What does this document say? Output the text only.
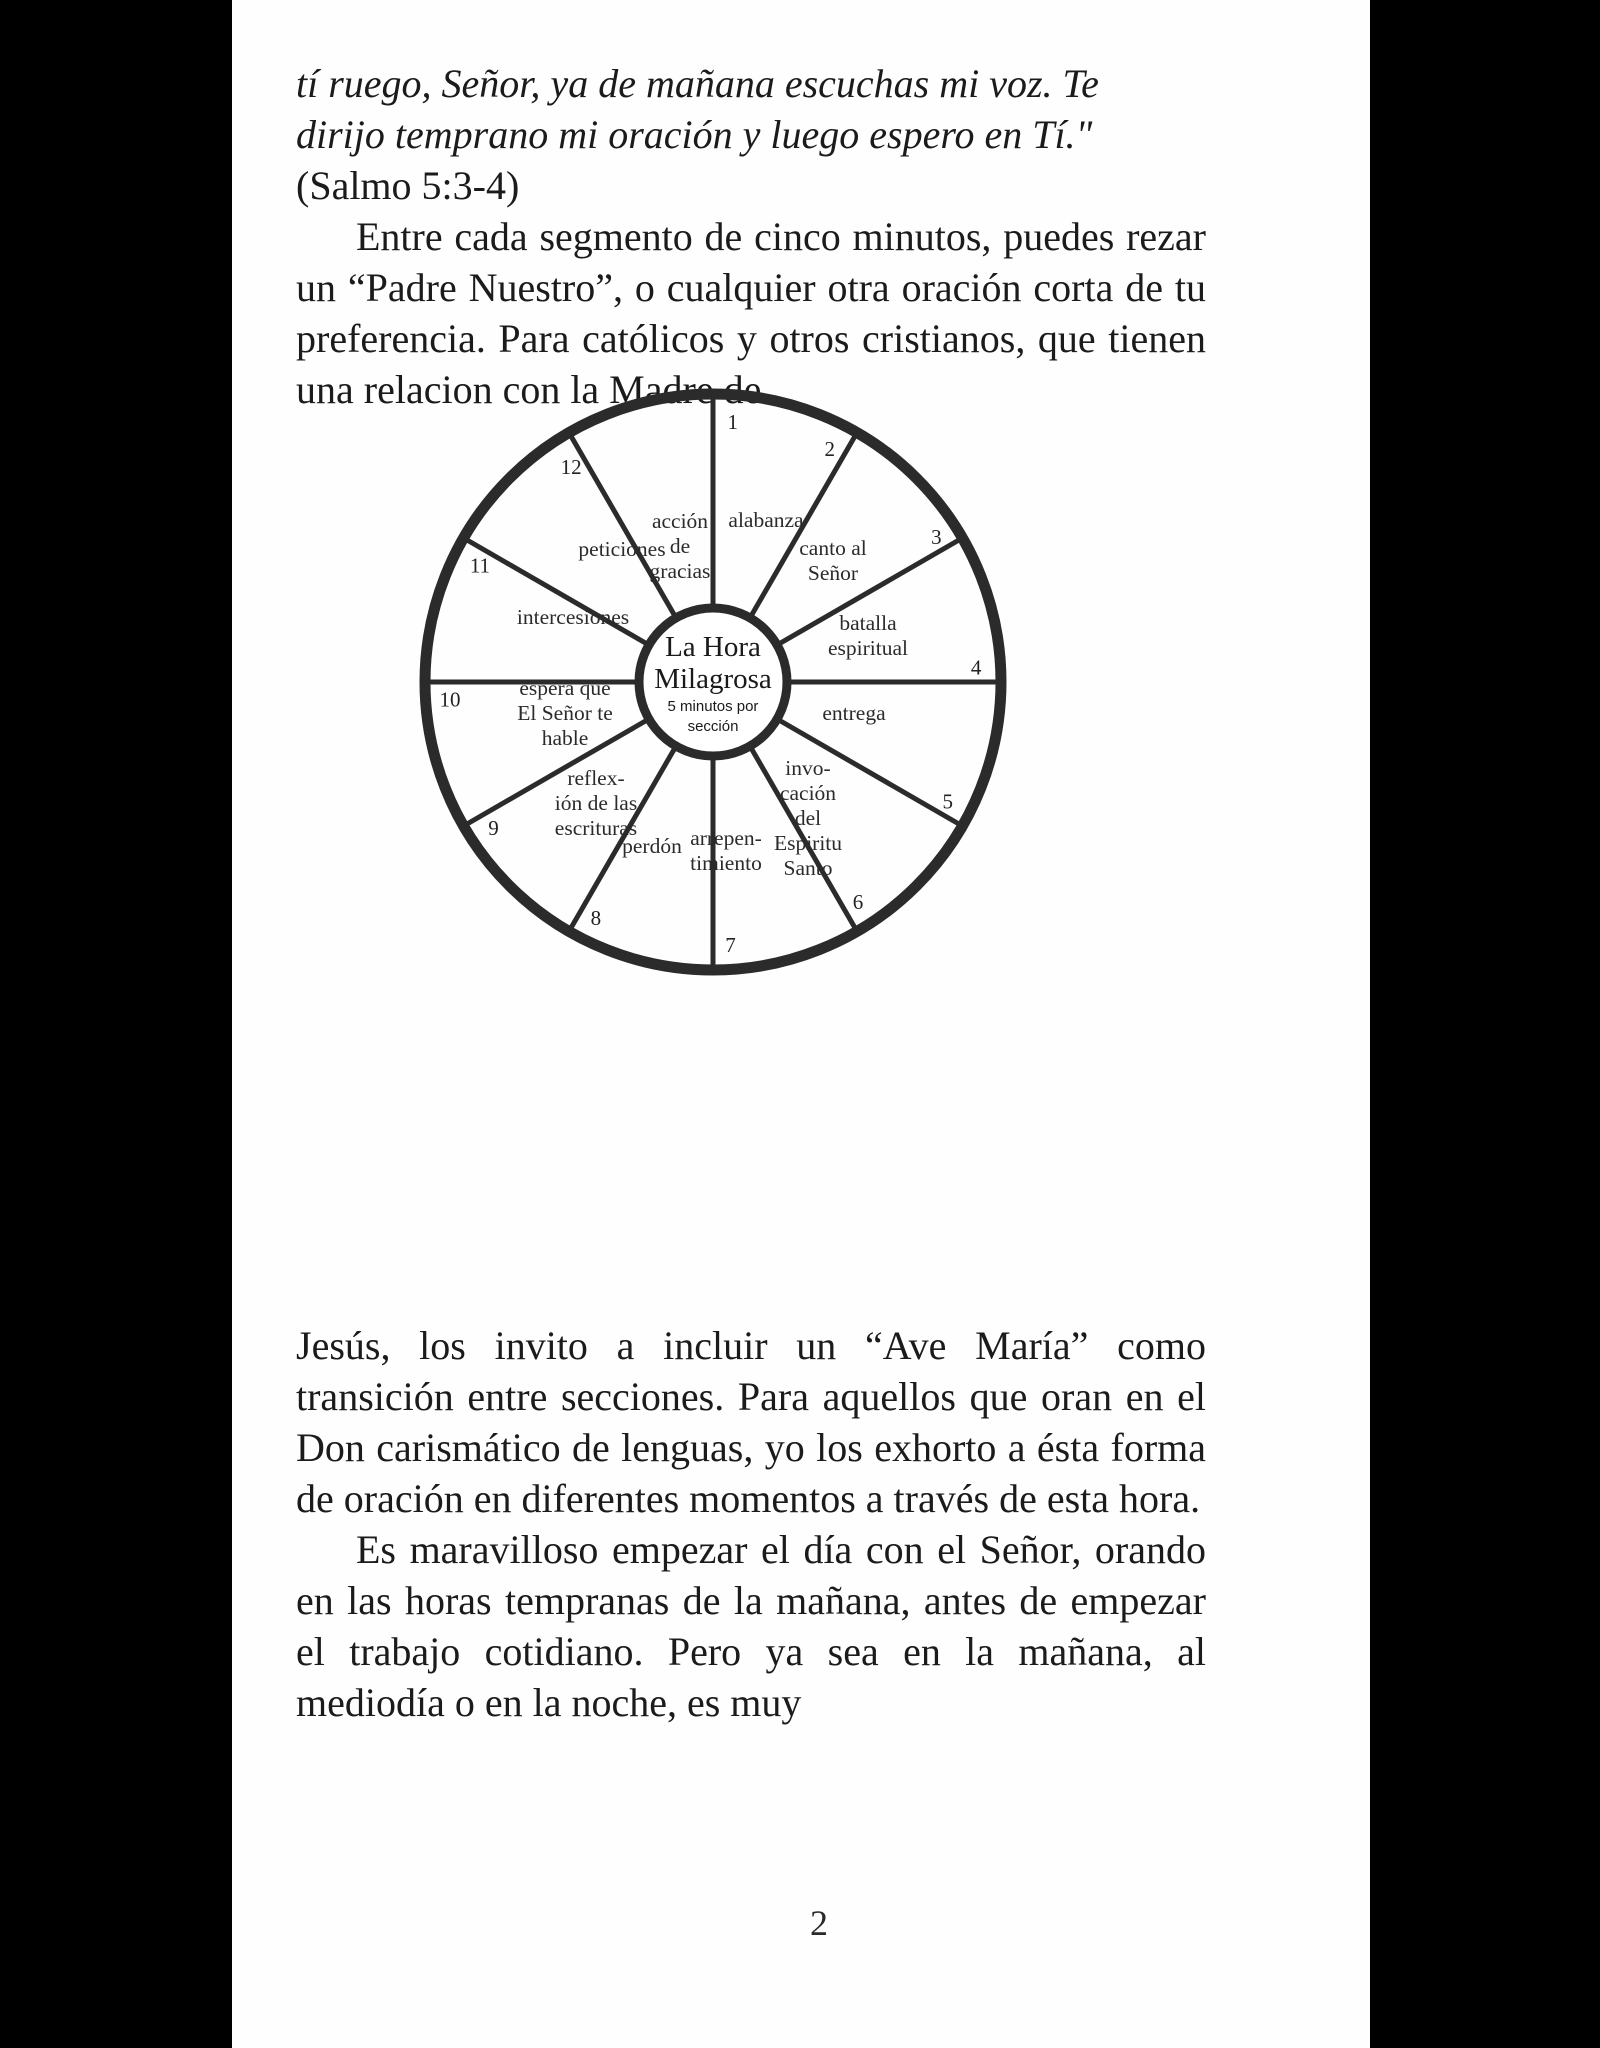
tí ruego, Señor, ya de mañana escuchas mi voz. Te
dirijo temprano mi oración y luego espero en Tí."

(Salmo 5:3-4)

Entre cada segmento de cinco minutos, puedes rezar un “Padre Nuestro”, o cualquier otra oración corta de tu preferencia. Para católicos y otros cristianos, que tienen una relacion con la Madre de

La Hora
Milagrosa
5 minutos por
sección
1
2
3
4
5
6
7
8
9
10
11
12
alabanza
canto al
Señor
batalla
espiritual
entrega
invo-
cación
del
Espiritu
Santo
arrepen-
timiento
perdón
reflex-
ión de las
escrituras
espera que
El Señor te
hable
intercesiones
peticiones
acción
de
gracias

Jesús, los invito a incluir un “Ave María” como transición entre secciones. Para aquellos que oran en el Don carismático de lenguas, yo los exhorto a ésta forma de oración en diferentes momentos a través de esta hora.

Es maravilloso empezar el día con el Señor, orando en las horas tempranas de la mañana, antes de empezar el trabajo cotidiano. Pero ya sea en la mañana, al mediodía o en la noche, es muy

2
